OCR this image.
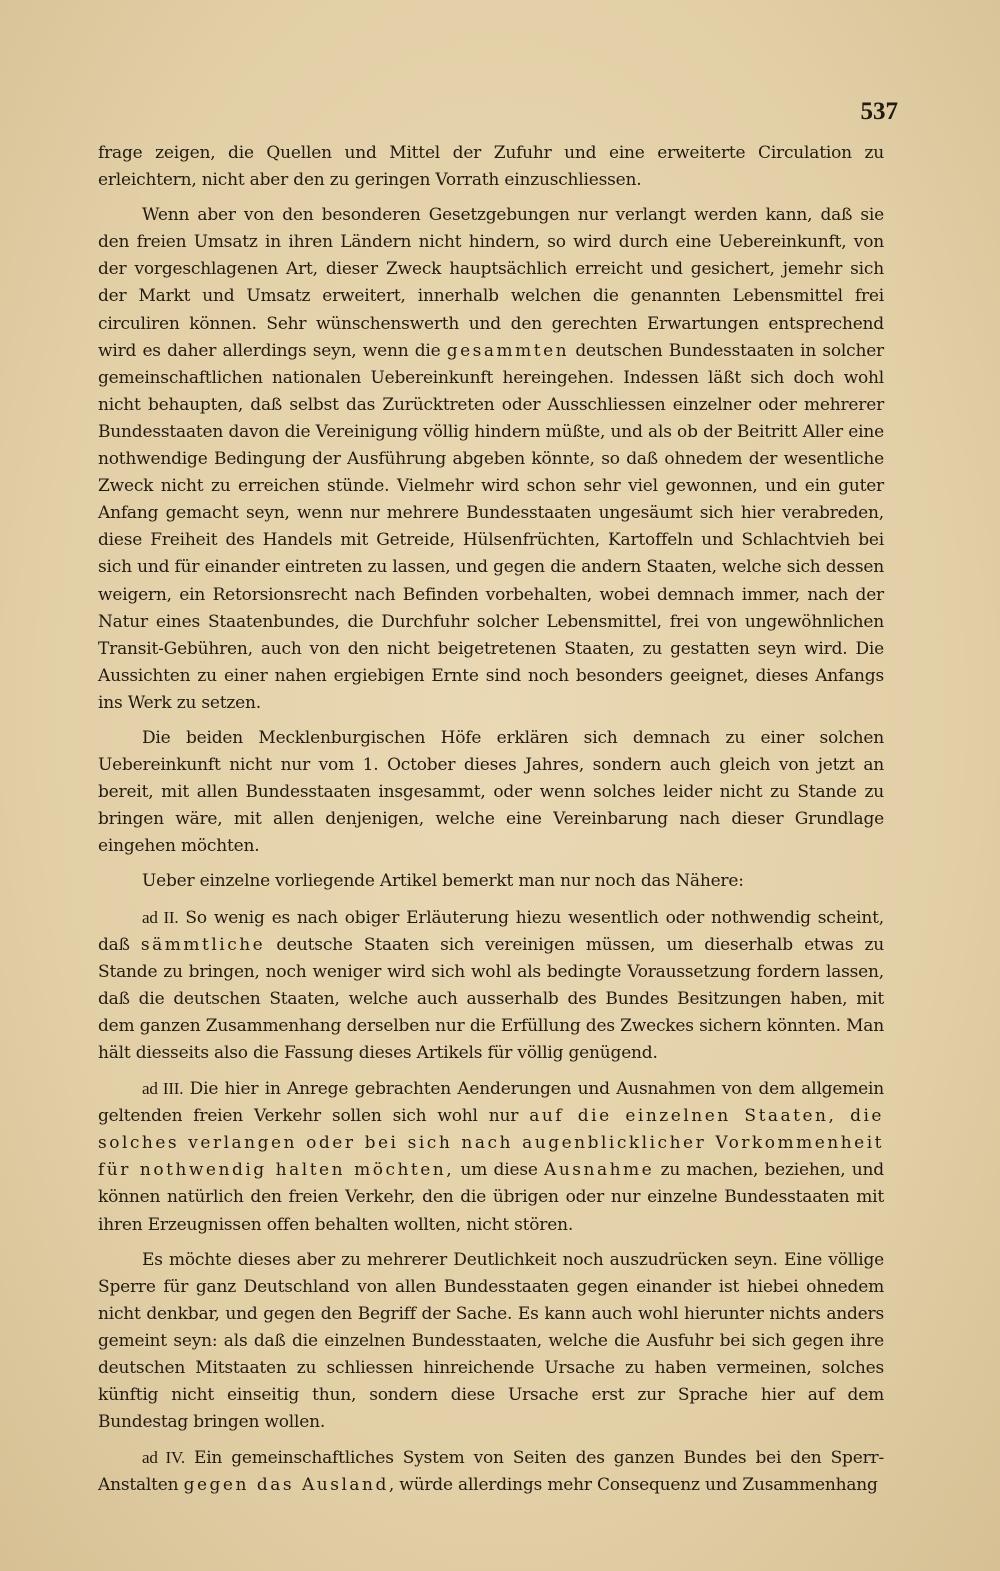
537

frage zeigen, die Quellen und Mittel der Zufuhr und eine erweiterte Circulation zu erleichtern, nicht aber den zu geringen Vorrath einzuschliessen.

Wenn aber von den besonderen Gesetzgebungen nur verlangt werden kann, daß sie den freien Umsatz in ihren Ländern nicht hindern, so wird durch eine Uebereinkunft, von der vorgeschlagenen Art, dieser Zweck hauptsächlich erreicht und gesichert, jemehr sich der Markt und Umsatz erweitert, innerhalb welchen die genannten Lebensmittel frei circuliren können. Sehr wünschenswerth und den gerechten Erwartungen entsprechend wird es daher allerdings seyn, wenn die gesammten deutschen Bundesstaaten in solcher gemeinschaftlichen nationalen Uebereinkunft hereingehen. Indessen läßt sich doch wohl nicht behaupten, daß selbst das Zurücktreten oder Ausschliessen einzelner oder mehrerer Bundesstaaten davon die Vereinigung völlig hindern müßte, und als ob der Beitritt Aller eine nothwendige Bedingung der Ausführung abgeben könnte, so daß ohnedem der wesentliche Zweck nicht zu erreichen stünde. Vielmehr wird schon sehr viel gewonnen, und ein guter Anfang gemacht seyn, wenn nur mehrere Bundesstaaten ungesäumt sich hier verabreden, diese Freiheit des Handels mit Getreide, Hülsenfrüchten, Kartoffeln und Schlachtvieh bei sich und für einander eintreten zu lassen, und gegen die andern Staaten, welche sich dessen weigern, ein Retorsionsrecht nach Befinden vorbehalten, wobei demnach immer, nach der Natur eines Staatenbundes, die Durchfuhr solcher Lebensmittel, frei von ungewöhnlichen Transit-Gebühren, auch von den nicht beigetretenen Staaten, zu gestatten seyn wird. Die Aussichten zu einer nahen ergiebigen Ernte sind noch besonders geeignet, dieses Anfangs ins Werk zu setzen.

Die beiden Mecklenburgischen Höfe erklären sich demnach zu einer solchen Uebereinkunft nicht nur vom 1. October dieses Jahres, sondern auch gleich von jetzt an bereit, mit allen Bundesstaaten insgesammt, oder wenn solches leider nicht zu Stande zu bringen wäre, mit allen denjenigen, welche eine Vereinbarung nach dieser Grundlage eingehen möchten.

Ueber einzelne vorliegende Artikel bemerkt man nur noch das Nähere:

ad II. So wenig es nach obiger Erläuterung hiezu wesentlich oder nothwendig scheint, daß sämmtliche deutsche Staaten sich vereinigen müssen, um dieserhalb etwas zu Stande zu bringen, noch weniger wird sich wohl als bedingte Voraussetzung fordern lassen, daß die deutschen Staaten, welche auch ausserhalb des Bundes Besitzungen haben, mit dem ganzen Zusammenhang derselben nur die Erfüllung des Zweckes sichern könnten. Man hält diesseits also die Fassung dieses Artikels für völlig genügend.

ad III. Die hier in Anrege gebrachten Aenderungen und Ausnahmen von dem allgemein geltenden freien Verkehr sollen sich wohl nur auf die einzelnen Staaten, die solches verlangen oder bei sich nach augenblicklicher Vorkommenheit für nothwendig halten möchten, um diese Ausnahme zu machen, beziehen, und können natürlich den freien Verkehr, den die übrigen oder nur einzelne Bundesstaaten mit ihren Erzeugnissen offen behalten wollten, nicht stören.

Es möchte dieses aber zu mehrerer Deutlichkeit noch auszudrücken seyn. Eine völlige Sperre für ganz Deutschland von allen Bundesstaaten gegen einander ist hiebei ohnedem nicht denkbar, und gegen den Begriff der Sache. Es kann auch wohl hierunter nichts anders gemeint seyn: als daß die einzelnen Bundesstaaten, welche die Ausfuhr bei sich gegen ihre deutschen Mitstaaten zu schliessen hinreichende Ursache zu haben vermeinen, solches künftig nicht einseitig thun, sondern diese Ursache erst zur Sprache hier auf dem Bundestag bringen wollen.

ad IV. Ein gemeinschaftliches System von Seiten des ganzen Bundes bei den Sperr-Anstalten gegen das Ausland, würde allerdings mehr Consequenz und Zusammenhang
